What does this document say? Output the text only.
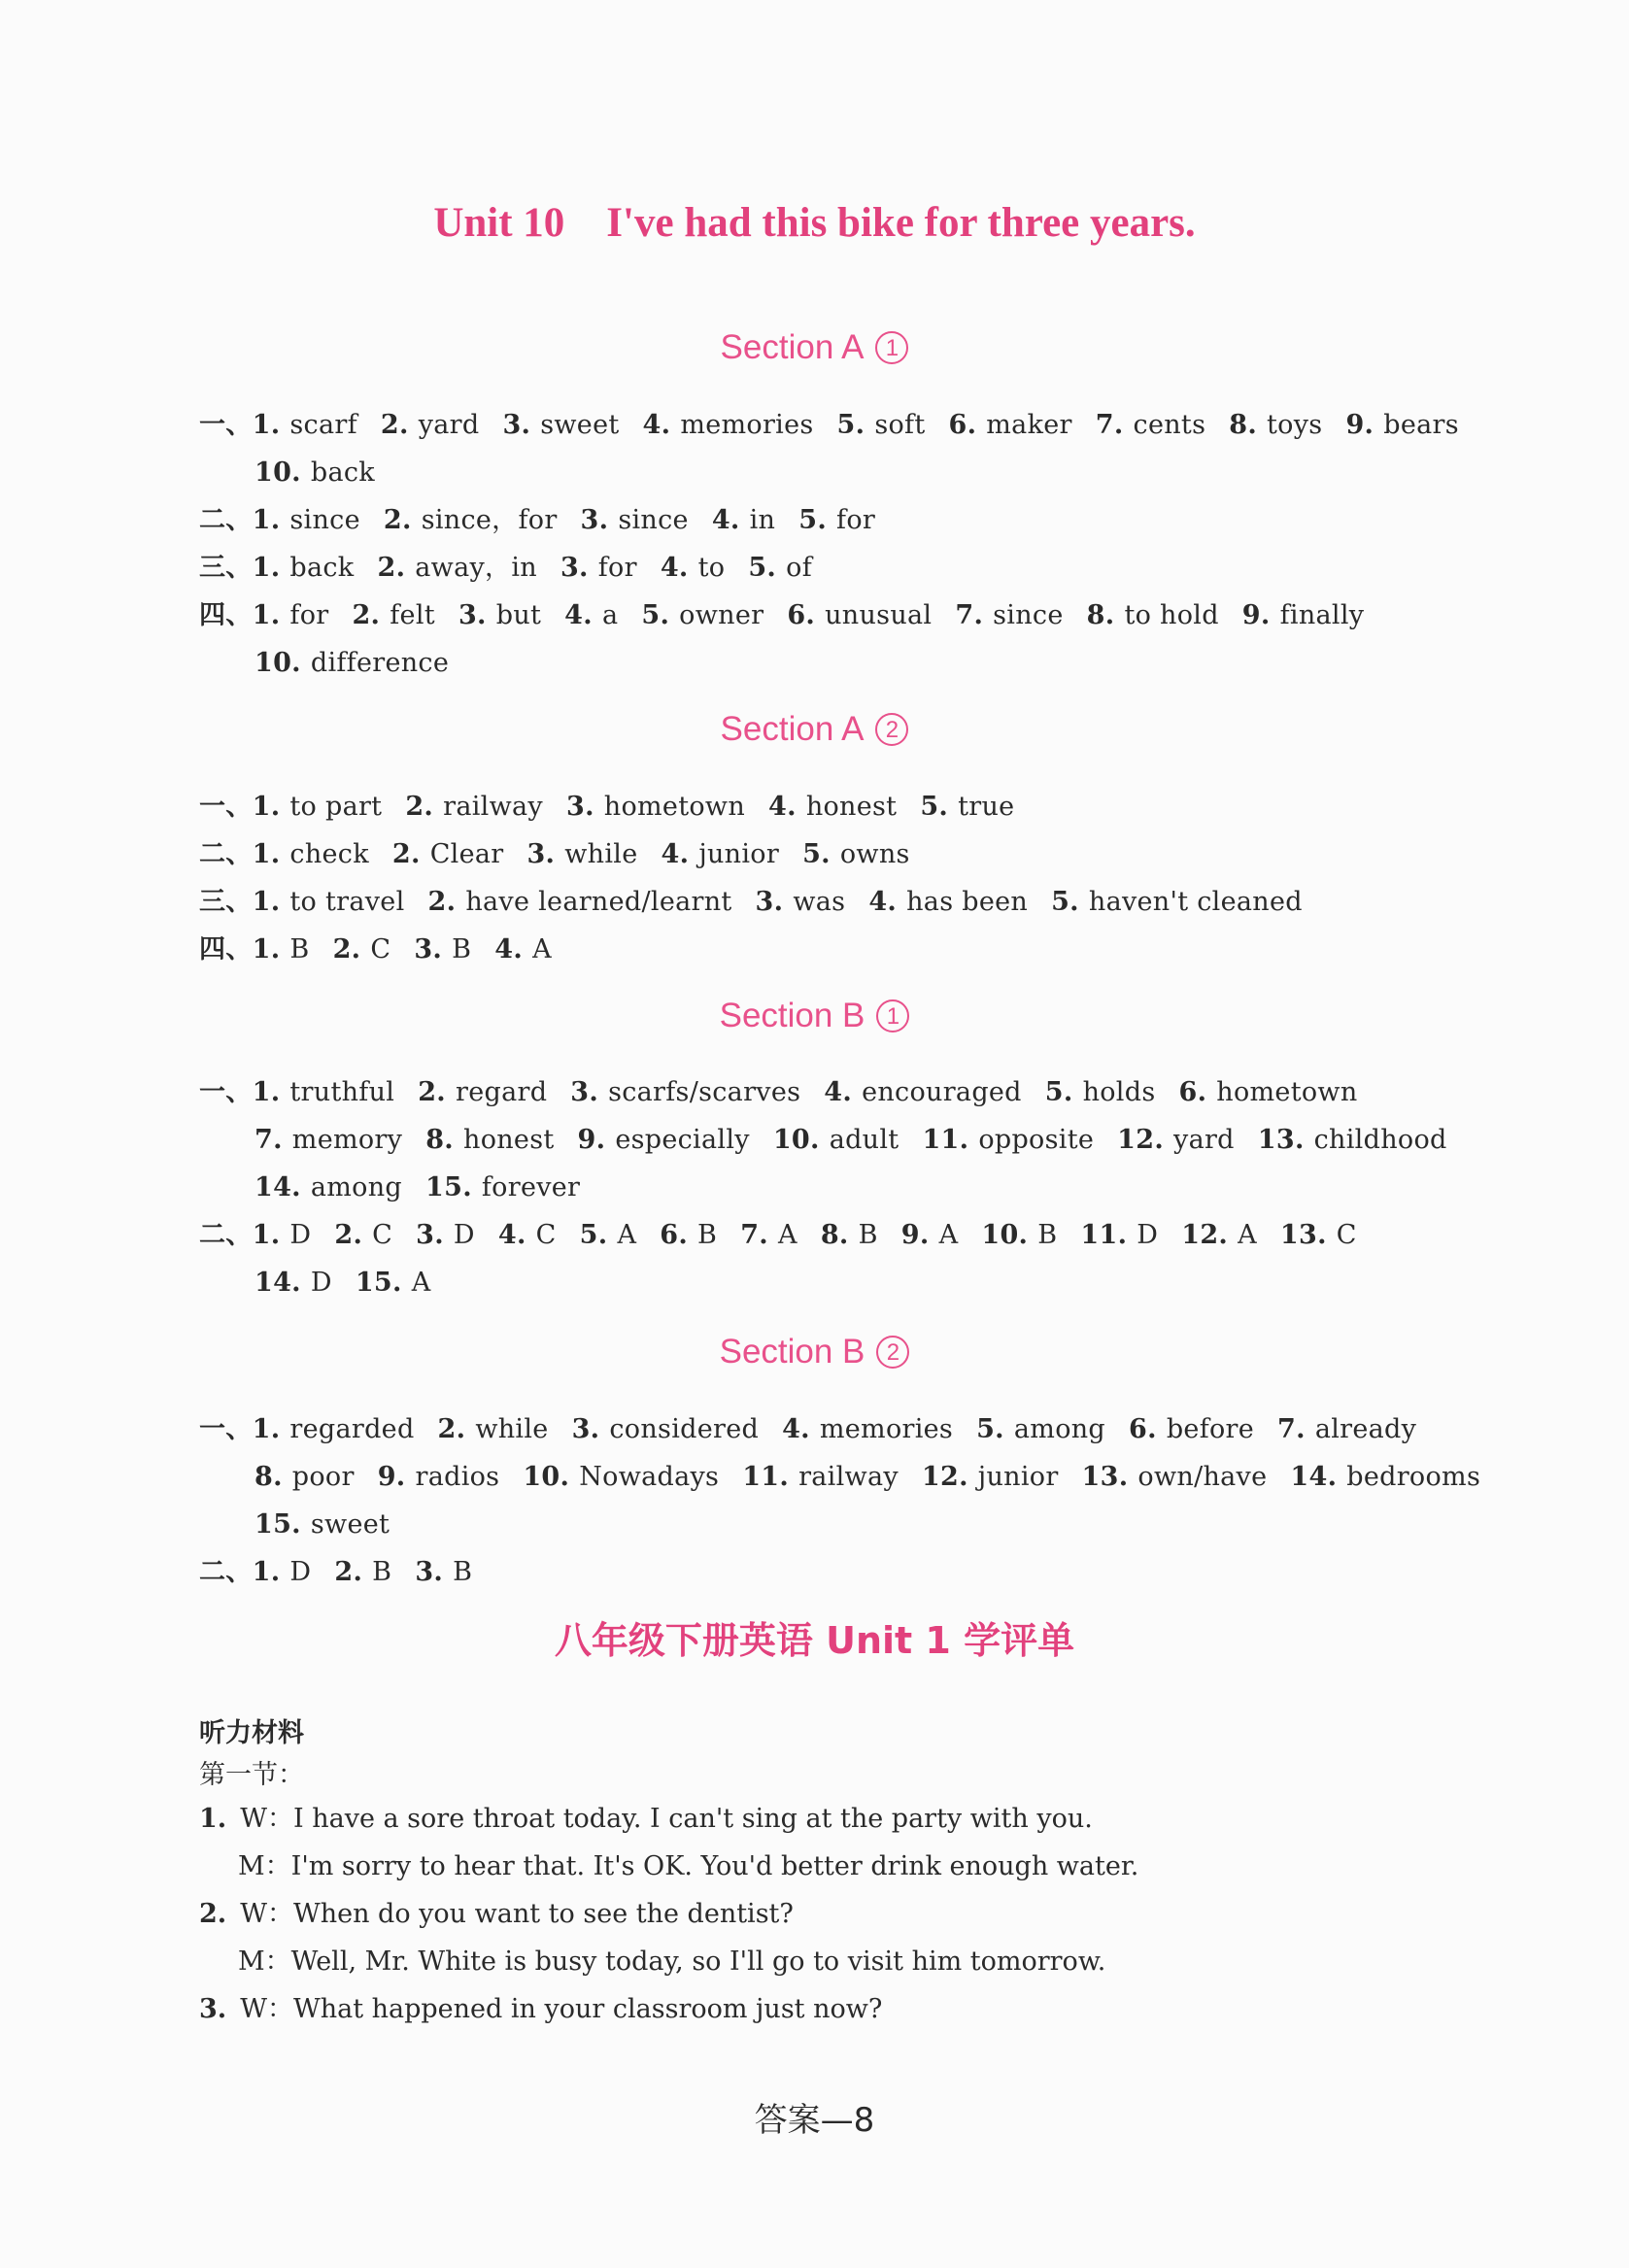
Unit 10    I've had this bike for three years.
Section A 1
一、1. scarf 2. yard 3. sweet 4. memories 5. soft 6. maker 7. cents 8. toys 9. bears
10. back
二、1. since 2. since，for 3. since 4. in 5. for
三、1. back 2. away，in 3. for 4. to 5. of
四、1. for 2. felt 3. but 4. a 5. owner 6. unusual 7. since 8. to hold 9. finally
10. difference
Section A 2
一、1. to part 2. railway 3. hometown 4. honest 5. true
二、1. check 2. Clear 3. while 4. junior 5. owns
三、1. to travel 2. have learned/learnt 3. was 4. has been 5. haven't cleaned
四、1. B 2. C 3. B 4. A
Section B 1
一、1. truthful 2. regard 3. scarfs/scarves 4. encouraged 5. holds 6. hometown
7. memory 8. honest 9. especially 10. adult 11. opposite 12. yard 13. childhood
14. among 15. forever
二、1. D 2. C 3. D 4. C 5. A 6. B 7. A 8. B 9. A 10. B 11. D 12. A 13. C
14. D 15. A
Section B 2
一、1. regarded 2. while 3. considered 4. memories 5. among 6. before 7. already
8. poor 9. radios 10. Nowadays 11. railway 12. junior 13. own/have 14. bedrooms
15. sweet
二、1. D 2. B 3. B
八年级下册英语 Unit 1 学评单
听力材料
第一节：
1. W：I have a sore throat today. I can't sing at the party with you.
M：I'm sorry to hear that. It's OK. You'd better drink enough water.
2. W：When do you want to see the dentist?
M：Well, Mr. White is busy today, so I'll go to visit him tomorrow.
3. W：What happened in your classroom just now?
答案—8
